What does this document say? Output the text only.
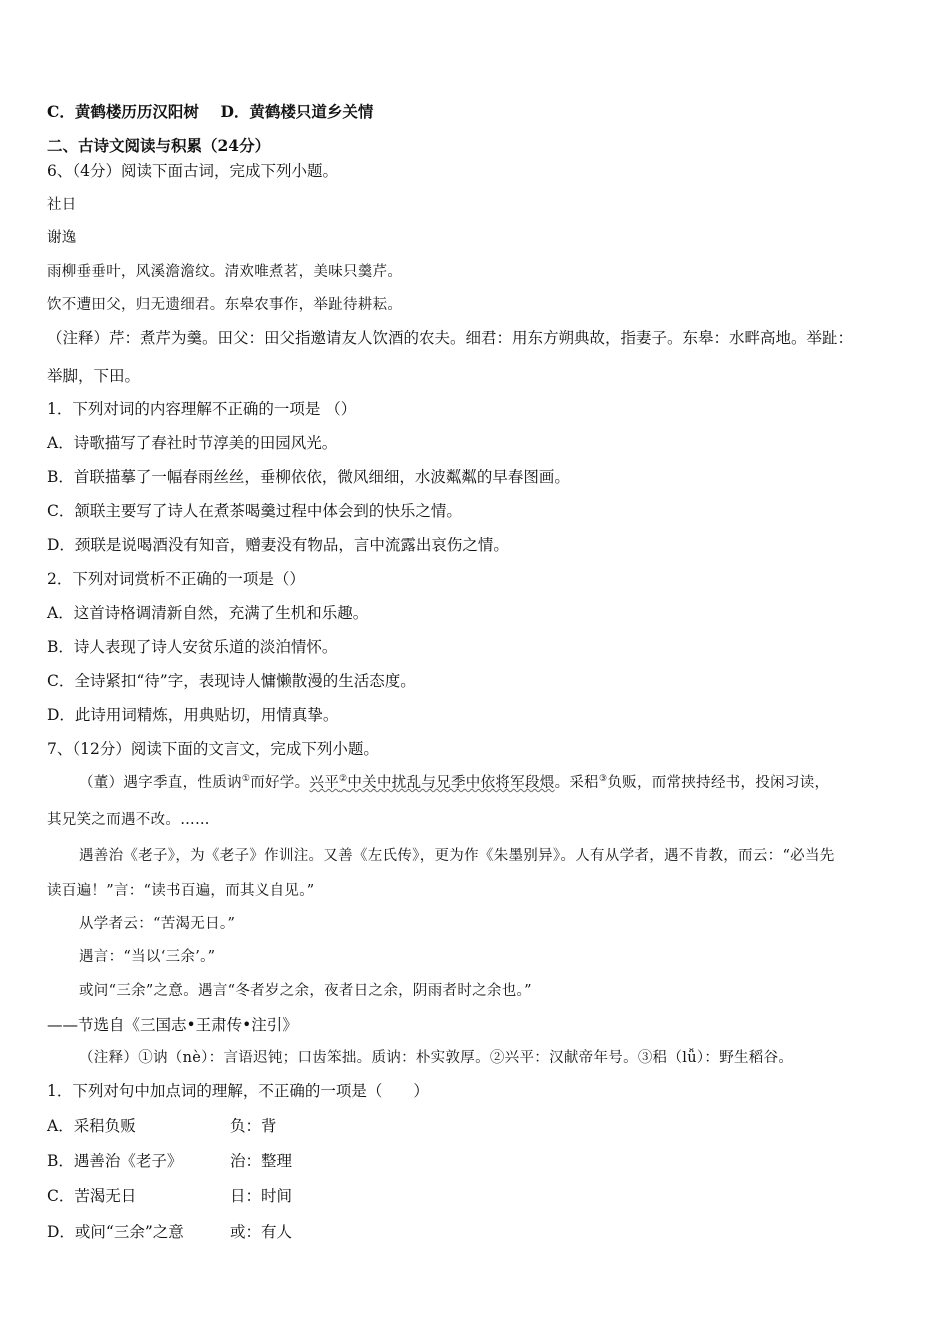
C．黄鹤楼历历汉阳树 D．黄鹤楼只道乡关情
二、古诗文阅读与积累（24分）
6、（4分）阅读下面古词，完成下列小题。
社日
谢逸
雨柳垂垂叶，风溪澹澹纹。清欢唯煮茗，美味只羹芹。
饮不遭田父，归无遗细君。东皋农事作，举趾待耕耘。
（注释）芹：煮芹为羹。田父：田父指邀请友人饮酒的农夫。细君：用东方朔典故，指妻子。东皋：水畔高地。举趾：
举脚，下田。
1．下列对词的内容理解不正确的一项是 （）
A．诗歌描写了春社时节淳美的田园风光。
B．首联描摹了一幅春雨丝丝，垂柳依依，微风细细，水波粼粼的早春图画。
C．颔联主要写了诗人在煮茶喝羹过程中体会到的快乐之情。
D．颈联是说喝酒没有知音，赠妻没有物品，言中流露出哀伤之情。
2．下列对词赏析不正确的一项是（）
A．这首诗格调清新自然，充满了生机和乐趣。
B．诗人表现了诗人安贫乐道的淡泊情怀。
C．全诗紧扣“待”字，表现诗人慵懒散漫的生活态度。
D．此诗用词精炼，用典贴切，用情真挚。
7、（12分）阅读下面的文言文，完成下列小题。
（董）遇字季直，性质讷①而好学。兴平②中关中扰乱与兄季中依将军段煨。采稆③负贩，而常挟持经书，投闲习读，
其兄笑之而遇不改。……
遇善治《老子》，为《老子》作训注。又善《左氏传》，更为作《朱墨别异》。人有从学者，遇不肯教，而云：“必当先
读百遍！”言：“读书百遍，而其义自见。”
从学者云：“苦渴无日。”
遇言：“当以‘三余’。”
或问“三余”之意。遇言“冬者岁之余，夜者日之余，阴雨者时之余也。”
——节选自《三国志•王肃传•注引》
（注释）①讷（nè）：言语迟钝；口齿笨拙。质讷：朴实敦厚。②兴平：汉献帝年号。③稆（lǚ）：野生稻谷。
1．下列对句中加点词的理解，不正确的一项是（　　）
A．采稆负贩	负：背
B．遇善治《老子》	治：整理
C．苦渴无日	日：时间
D．或问“三余”之意	或：有人
